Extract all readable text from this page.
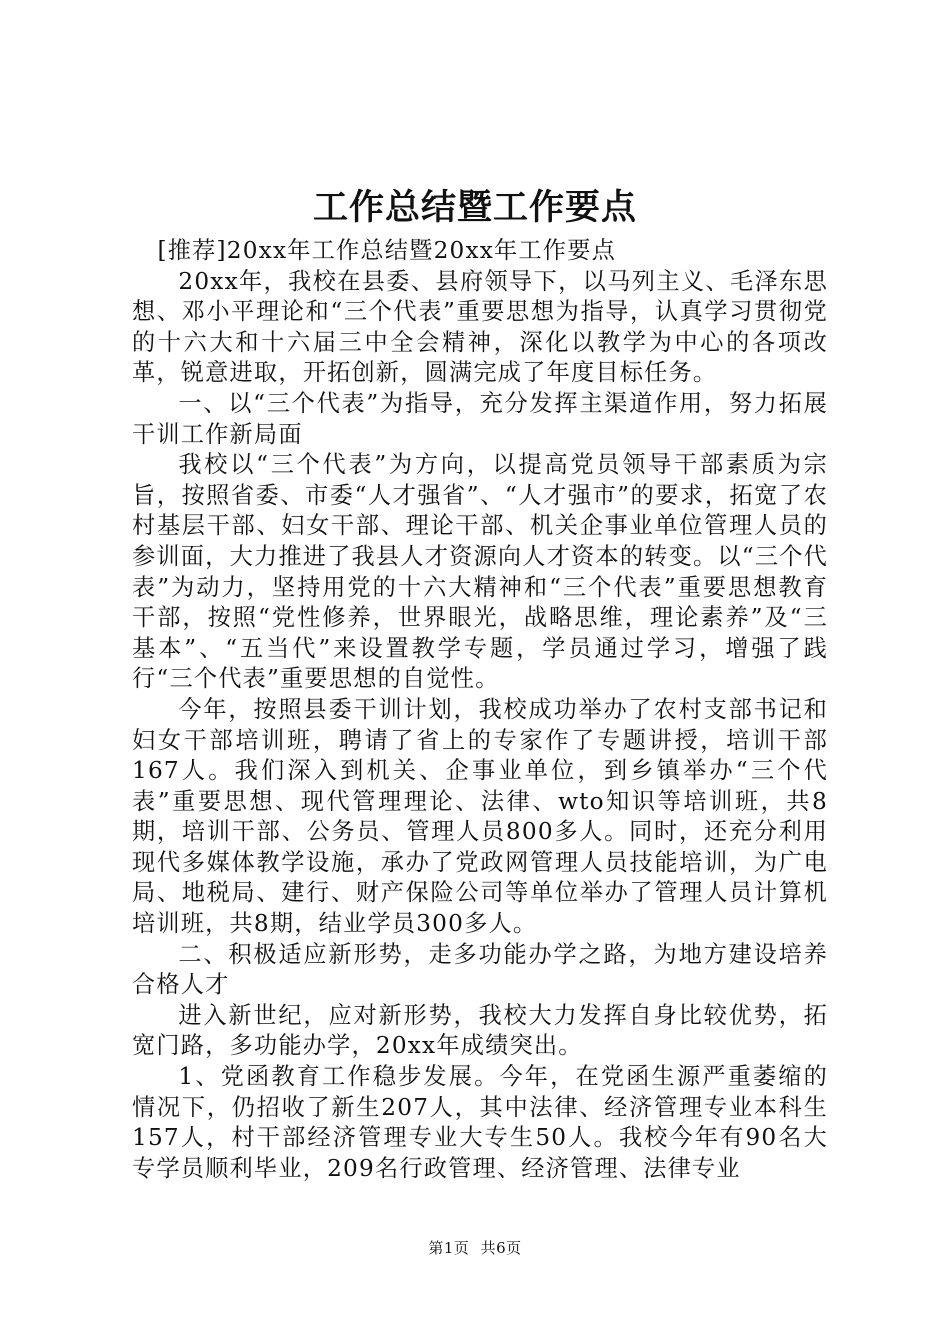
工作总结暨工作要点

[推荐]20xx年工作总结暨20xx年工作要点

20xx年，我校在县委、县府领导下，以马列主义、毛泽东思想、邓小平理论和“三个代表”重要思想为指导，认真学习贯彻党的十六大和十六届三中全会精神，深化以教学为中心的各项改革，锐意进取，开拓创新，圆满完成了年度目标任务。

一、以“三个代表”为指导，充分发挥主渠道作用，努力拓展干训工作新局面

我校以“三个代表”为方向，以提高党员领导干部素质为宗旨，按照省委、市委“人才强省”、“人才强市”的要求，拓宽了农村基层干部、妇女干部、理论干部、机关企事业单位管理人员的参训面，大力推进了我县人才资源向人才资本的转变。以“三个代表”为动力，坚持用党的十六大精神和“三个代表”重要思想教育干部，按照“党性修养，世界眼光，战略思维，理论素养”及“三基本”、“五当代”来设置教学专题，学员通过学习，增强了践行“三个代表”重要思想的自觉性。

今年，按照县委干训计划，我校成功举办了农村支部书记和妇女干部培训班，聘请了省上的专家作了专题讲授，培训干部167人。我们深入到机关、企事业单位，到乡镇举办“三个代表”重要思想、现代管理理论、法律、wto知识等培训班，共8期，培训干部、公务员、管理人员800多人。同时，还充分利用现代多媒体教学设施，承办了党政网管理人员技能培训，为广电局、地税局、建行、财产保险公司等单位举办了管理人员计算机培训班，共8期，结业学员300多人。

二、积极适应新形势，走多功能办学之路，为地方建设培养合格人才

进入新世纪，应对新形势，我校大力发挥自身比较优势，拓宽门路，多功能办学，20xx年成绩突出。

1、党函教育工作稳步发展。今年，在党函生源严重萎缩的情况下，仍招收了新生207人，其中法律、经济管理专业本科生157人，村干部经济管理专业大专生50人。我校今年有90名大专学员顺利毕业，209名行政管理、经济管理、法律专业

第1页 共6页
